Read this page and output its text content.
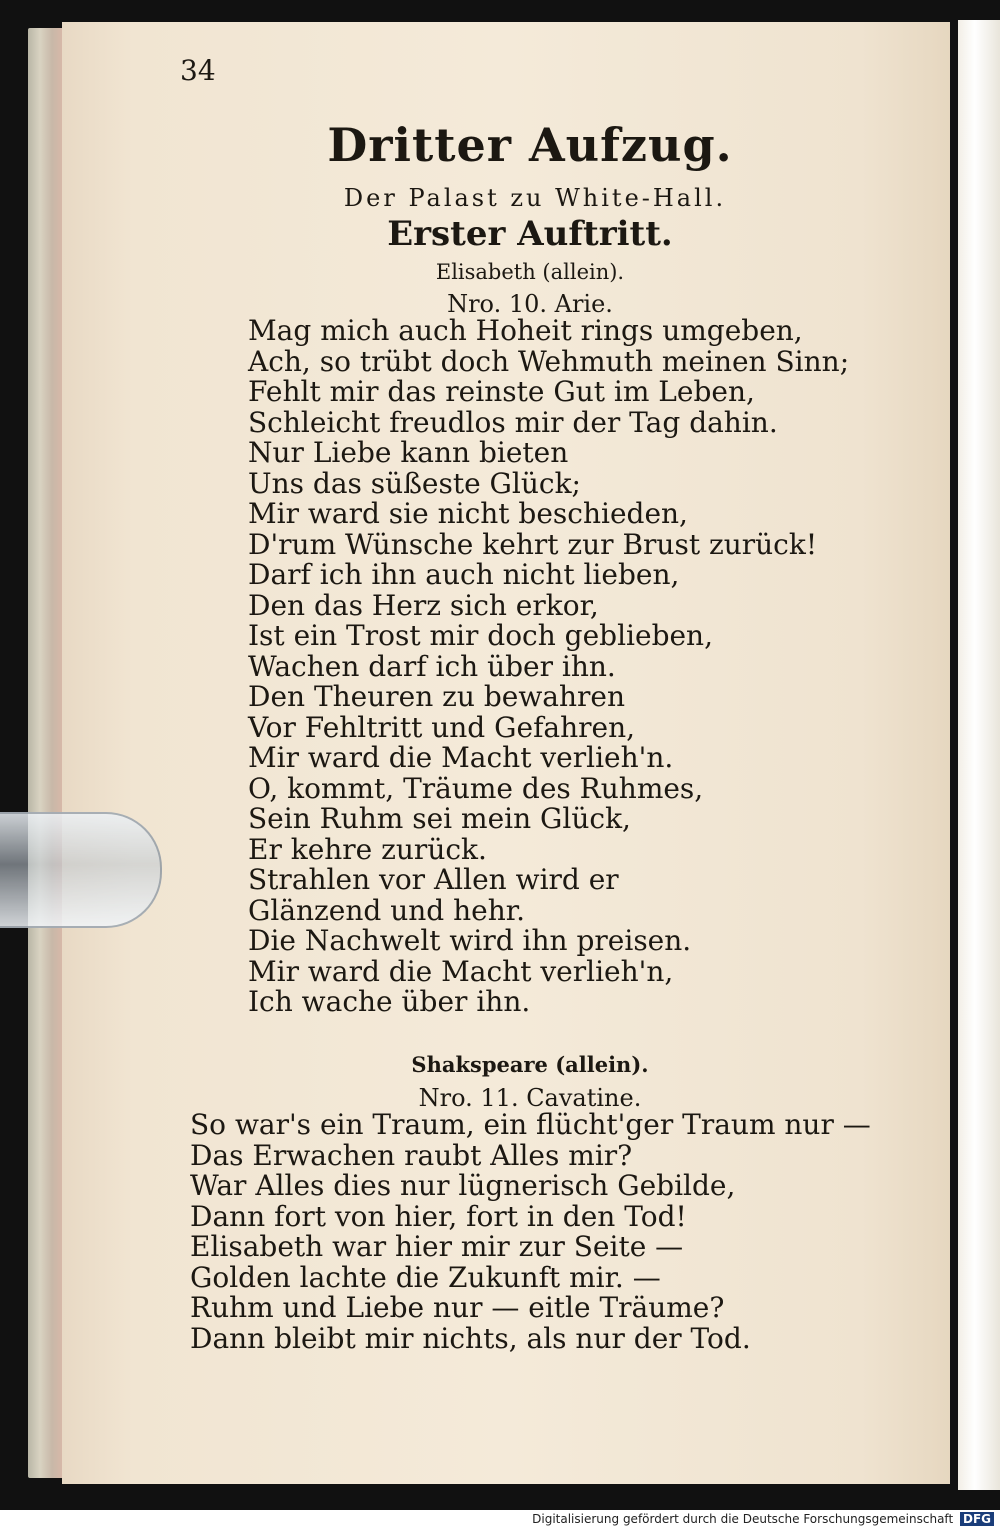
34
Dritter Aufzug.
Der Palast zu White-Hall.
Erster Auftritt.
Elisabeth (allein).
Nro. 10. Arie.
Mag mich auch Hoheit rings umgeben,
Ach, so trübt doch Wehmuth meinen Sinn;
Fehlt mir das reinste Gut im Leben,
Schleicht freudlos mir der Tag dahin.
Nur Liebe kann bieten
Uns das süßeste Glück;
Mir ward sie nicht beschieden,
D'rum Wünsche kehrt zur Brust zurück!
Darf ich ihn auch nicht lieben,
Den das Herz sich erkor,
Ist ein Trost mir doch geblieben,
Wachen darf ich über ihn.
Den Theuren zu bewahren
Vor Fehltritt und Gefahren,
Mir ward die Macht verlieh'n.
O, kommt, Träume des Ruhmes,
Sein Ruhm sei mein Glück,
Er kehre zurück.
Strahlen vor Allen wird er
Glänzend und hehr.
Die Nachwelt wird ihn preisen.
Mir ward die Macht verlieh'n,
Ich wache über ihn.
Shakspeare (allein).
Nro. 11. Cavatine.
So war's ein Traum, ein flücht'ger Traum nur —
Das Erwachen raubt Alles mir?
War Alles dies nur lügnerisch Gebilde,
Dann fort von hier, fort in den Tod!
Elisabeth war hier mir zur Seite —
Golden lachte die Zukunft mir. —
Ruhm und Liebe nur — eitle Träume?
Dann bleibt mir nichts, als nur der Tod.
Digitalisierung gefördert durch die Deutsche Forschungsgemeinschaft DFG
